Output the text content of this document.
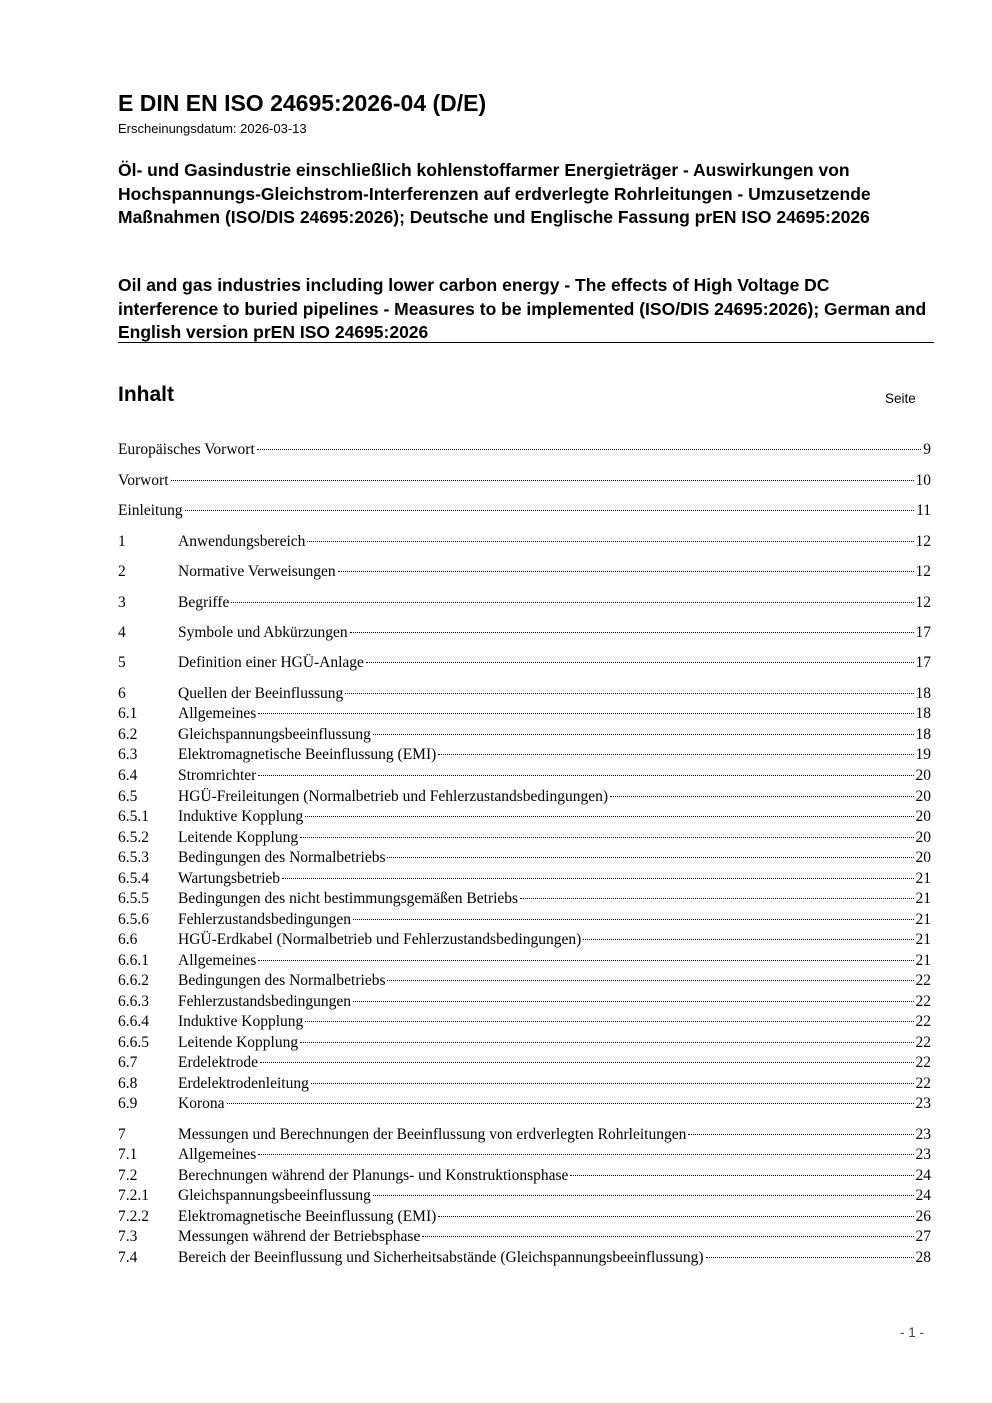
E DIN EN ISO 24695:2026-04 (D/E)
Erscheinungsdatum: 2026-03-13

Öl- und Gasindustrie einschließlich kohlenstoffarmer Energieträger - Auswirkungen von Hochspannungs-Gleichstrom-Interferenzen auf erdverlegte Rohrleitungen - Umzusetzende Maßnahmen (ISO/DIS 24695:2026); Deutsche und Englische Fassung prEN ISO 24695:2026

Oil and gas industries including lower carbon energy - The effects of High Voltage DC interference to buried pipelines - Measures to be implemented (ISO/DIS 24695:2026); German and English version prEN ISO 24695:2026

Inhalt	Seite
Europäisches Vorwort	9
Vorwort	10
Einleitung	11
1	Anwendungsbereich	12
2	Normative Verweisungen	12
3	Begriffe	12
4	Symbole und Abkürzungen	17
5	Definition einer HGÜ-Anlage	17
6	Quellen der Beeinflussung	18
6.1	Allgemeines	18
6.2	Gleichspannungsbeeinflussung	18
6.3	Elektromagnetische Beeinflussung (EMI)	19
6.4	Stromrichter	20
6.5	HGÜ-Freileitungen (Normalbetrieb und Fehlerzustandsbedingungen)	20
6.5.1	Induktive Kopplung	20
6.5.2	Leitende Kopplung	20
6.5.3	Bedingungen des Normalbetriebs	20
6.5.4	Wartungsbetrieb	21
6.5.5	Bedingungen des nicht bestimmungsgemäßen Betriebs	21
6.5.6	Fehlerzustandsbedingungen	21
6.6	HGÜ-Erdkabel (Normalbetrieb und Fehlerzustandsbedingungen)	21
6.6.1	Allgemeines	21
6.6.2	Bedingungen des Normalbetriebs	22
6.6.3	Fehlerzustandsbedingungen	22
6.6.4	Induktive Kopplung	22
6.6.5	Leitende Kopplung	22
6.7	Erdelektrode	22
6.8	Erdelektrodenleitung	22
6.9	Korona	23
7	Messungen und Berechnungen der Beeinflussung von erdverlegten Rohrleitungen	23
7.1	Allgemeines	23
7.2	Berechnungen während der Planungs- und Konstruktionsphase	24
7.2.1	Gleichspannungsbeeinflussung	24
7.2.2	Elektromagnetische Beeinflussung (EMI)	26
7.3	Messungen während der Betriebsphase	27
7.4	Bereich der Beeinflussung und Sicherheitsabstände (Gleichspannungsbeeinflussung)	28
- 1 -
